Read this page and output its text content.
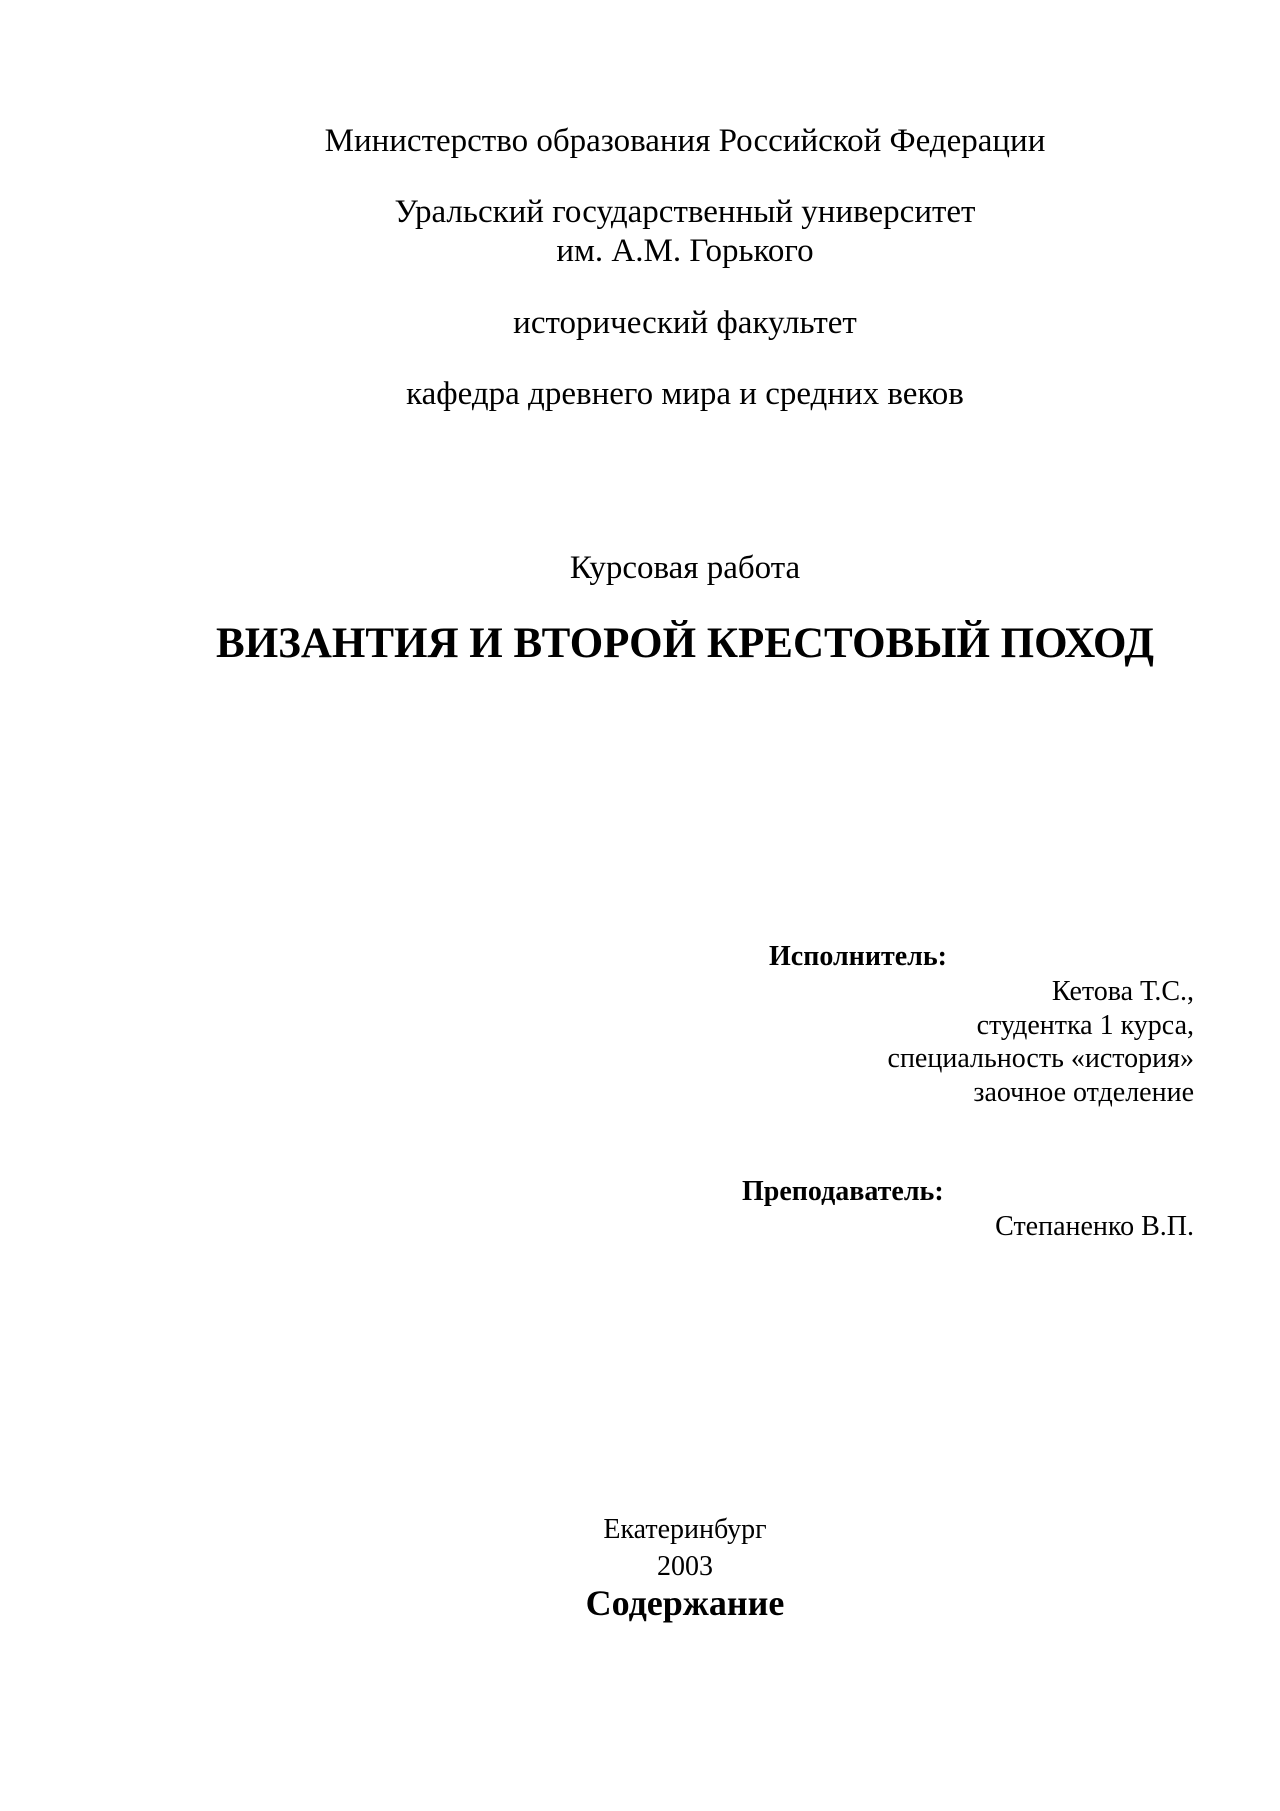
Министерство образования Российской Федерации
Уральский государственный университет
им. А.М. Горького
исторический факультет
кафедра древнего мира и средних веков
Курсовая работа
ВИЗАНТИЯ И ВТОРОЙ КРЕСТОВЫЙ ПОХОД
Исполнитель:
Кетова Т.С.,
студентка 1 курса,
специальность «история»
заочное отделение
Преподаватель:
Степаненко В.П.
Екатеринбург
2003
Содержание
